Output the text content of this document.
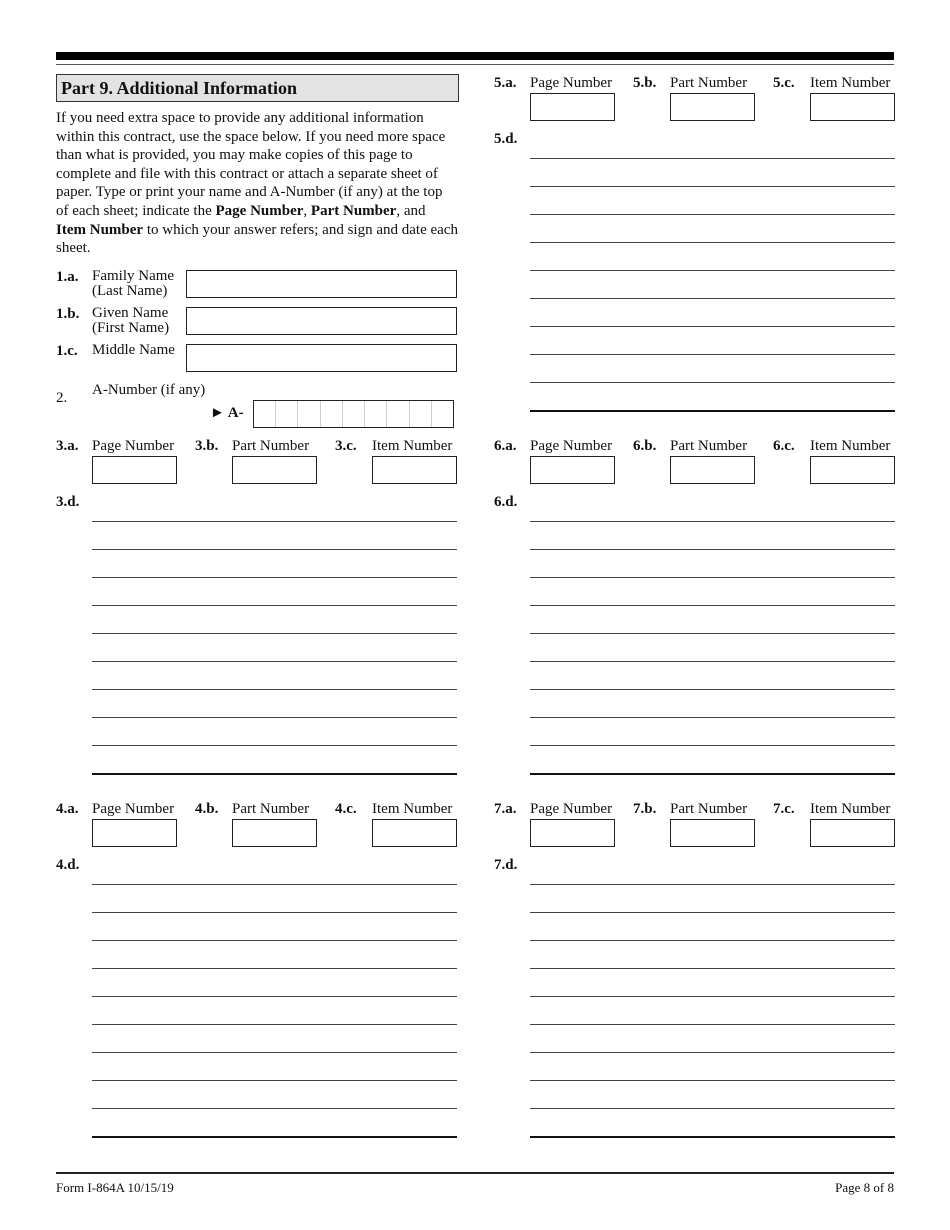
Part 9. Additional Information
If you need extra space to provide any additional information within this contract, use the space below. If you need more space than what is provided, you may make copies of this page to complete and file with this contract or attach a separate sheet of paper. Type or print your name and A-Number (if any) at the top of each sheet; indicate the Page Number, Part Number, and Item Number to which your answer refers; and sign and date each sheet.
2. A-Number (if any)
► A-
Form I-864A 10/15/19	Page 8 of 8
1.a. Family Name
(Last Name)
1.b. Given Name
(First Name)
1.c. Middle Name
3.a. Page Number 3.b. Part Number 3.c. Item Number
3.d.
4.a. Page Number 4.b. Part Number 4.c. Item Number
4.d.
5.a. Page Number 5.b. Part Number 5.c. Item Number
5.d.
6.a. Page Number 6.b. Part Number 6.c. Item Number
6.d.
7.a. Page Number 7.b. Part Number 7.c. Item Number
7.d.
